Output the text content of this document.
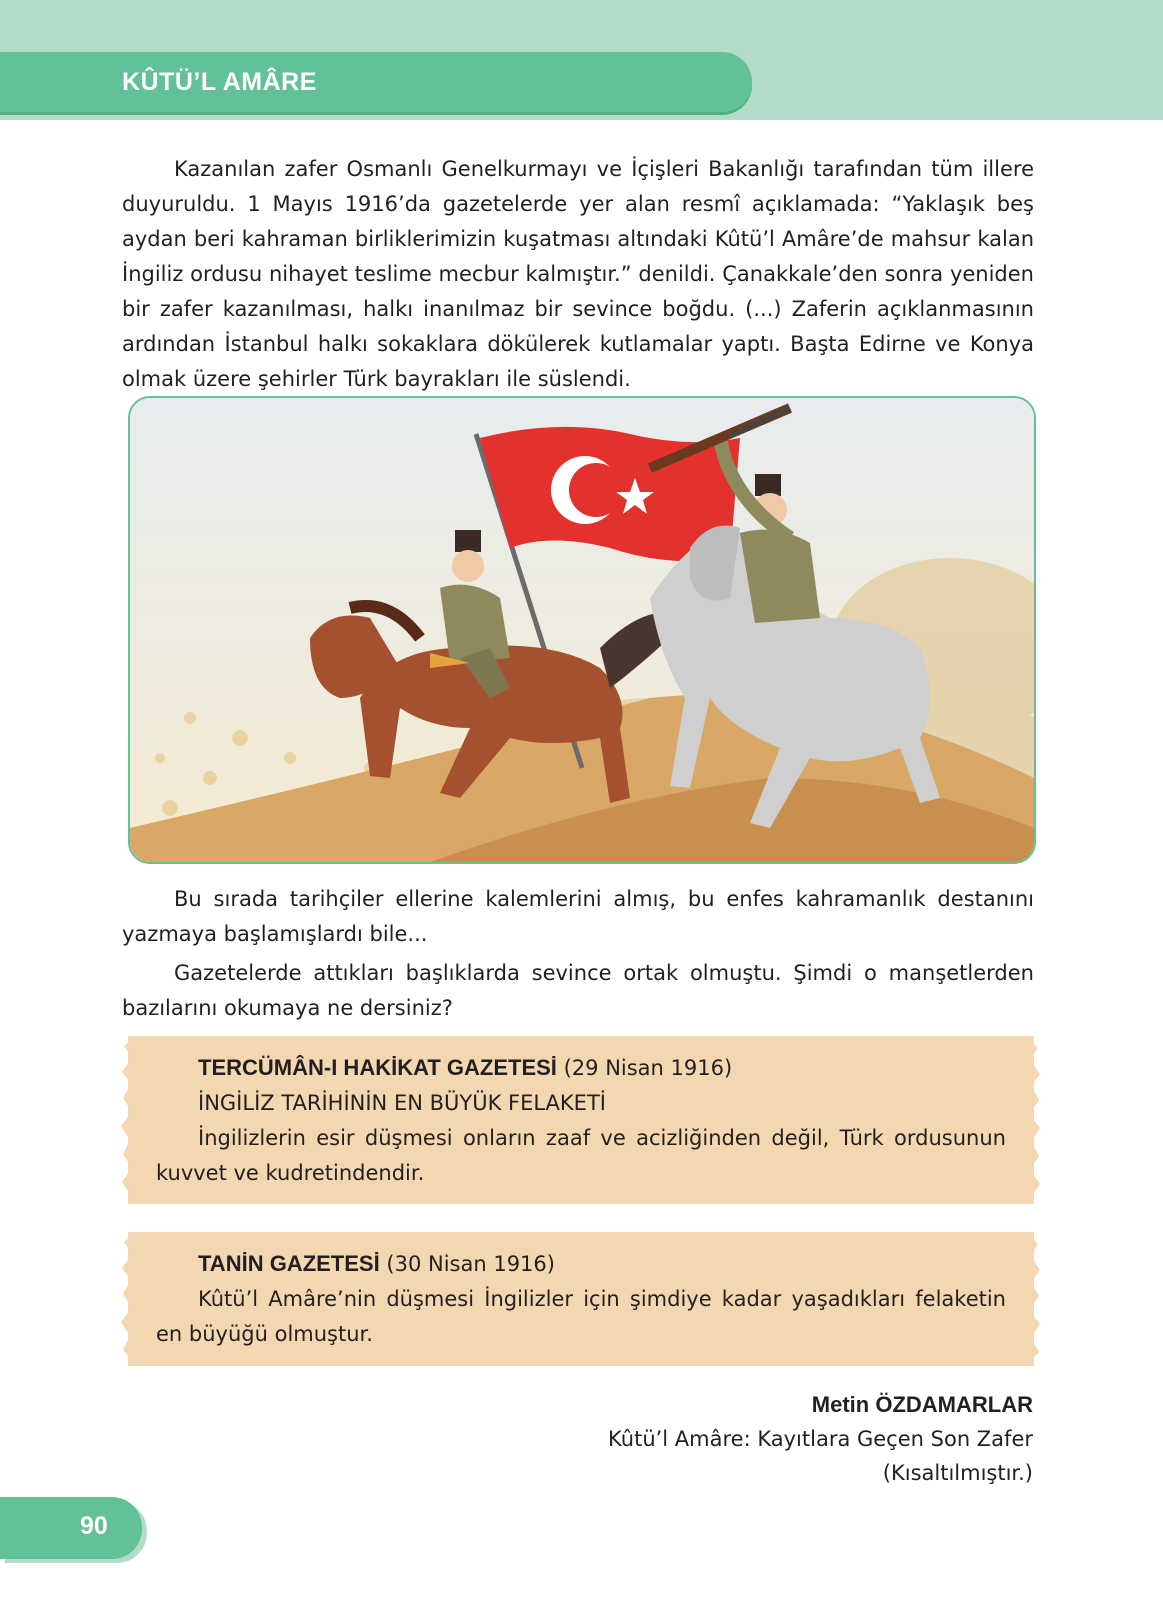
KÛTÜ’L AMÂRE

Kazanılan zafer Osmanlı Genelkurmayı ve İçişleri Bakanlığı tarafından tüm illere duyuruldu. 1 Mayıs 1916’da gazetelerde yer alan resmî açıklamada: “Yaklaşık beş aydan beri kahraman birliklerimizin kuşatması altındaki Kûtü’l Amâre’de mahsur kalan İngiliz ordusu nihayet teslime mecbur kalmıştır.” denildi. Çanakkale’den sonra yeniden bir zafer kazanılması, halkı inanılmaz bir sevince boğdu. (...) Zaferin açıklanmasının ardından İstanbul halkı sokaklara dökülerek kutlamalar yaptı. Başta Edirne ve Konya olmak üzere şehirler Türk bayrakları ile süslendi.

Bu sırada tarihçiler ellerine kalemlerini almış, bu enfes kahramanlık destanını yazmaya başlamışlardı bile...

Gazetelerde attıkları başlıklarda sevince ortak olmuştu. Şimdi o manşetlerden bazılarını okumaya ne dersiniz?

TERCÜMÂN-I HAKİKAT GAZETESİ (29 Nisan 1916)
İNGİLİZ TARİHİNİN EN BÜYÜK FELAKETİ
İngilizlerin esir düşmesi onların zaaf ve acizliğinden değil, Türk ordusunun kuvvet ve kudretindendir.
TANİN GAZETESİ (30 Nisan 1916)
Kûtü’l Amâre’nin düşmesi İngilizler için şimdiye kadar yaşadıkları felaketin en büyüğü olmuştur.
Metin ÖZDAMARLAR
Kûtü’l Amâre: Kayıtlara Geçen Son Zafer
(Kısaltılmıştır.)
90
